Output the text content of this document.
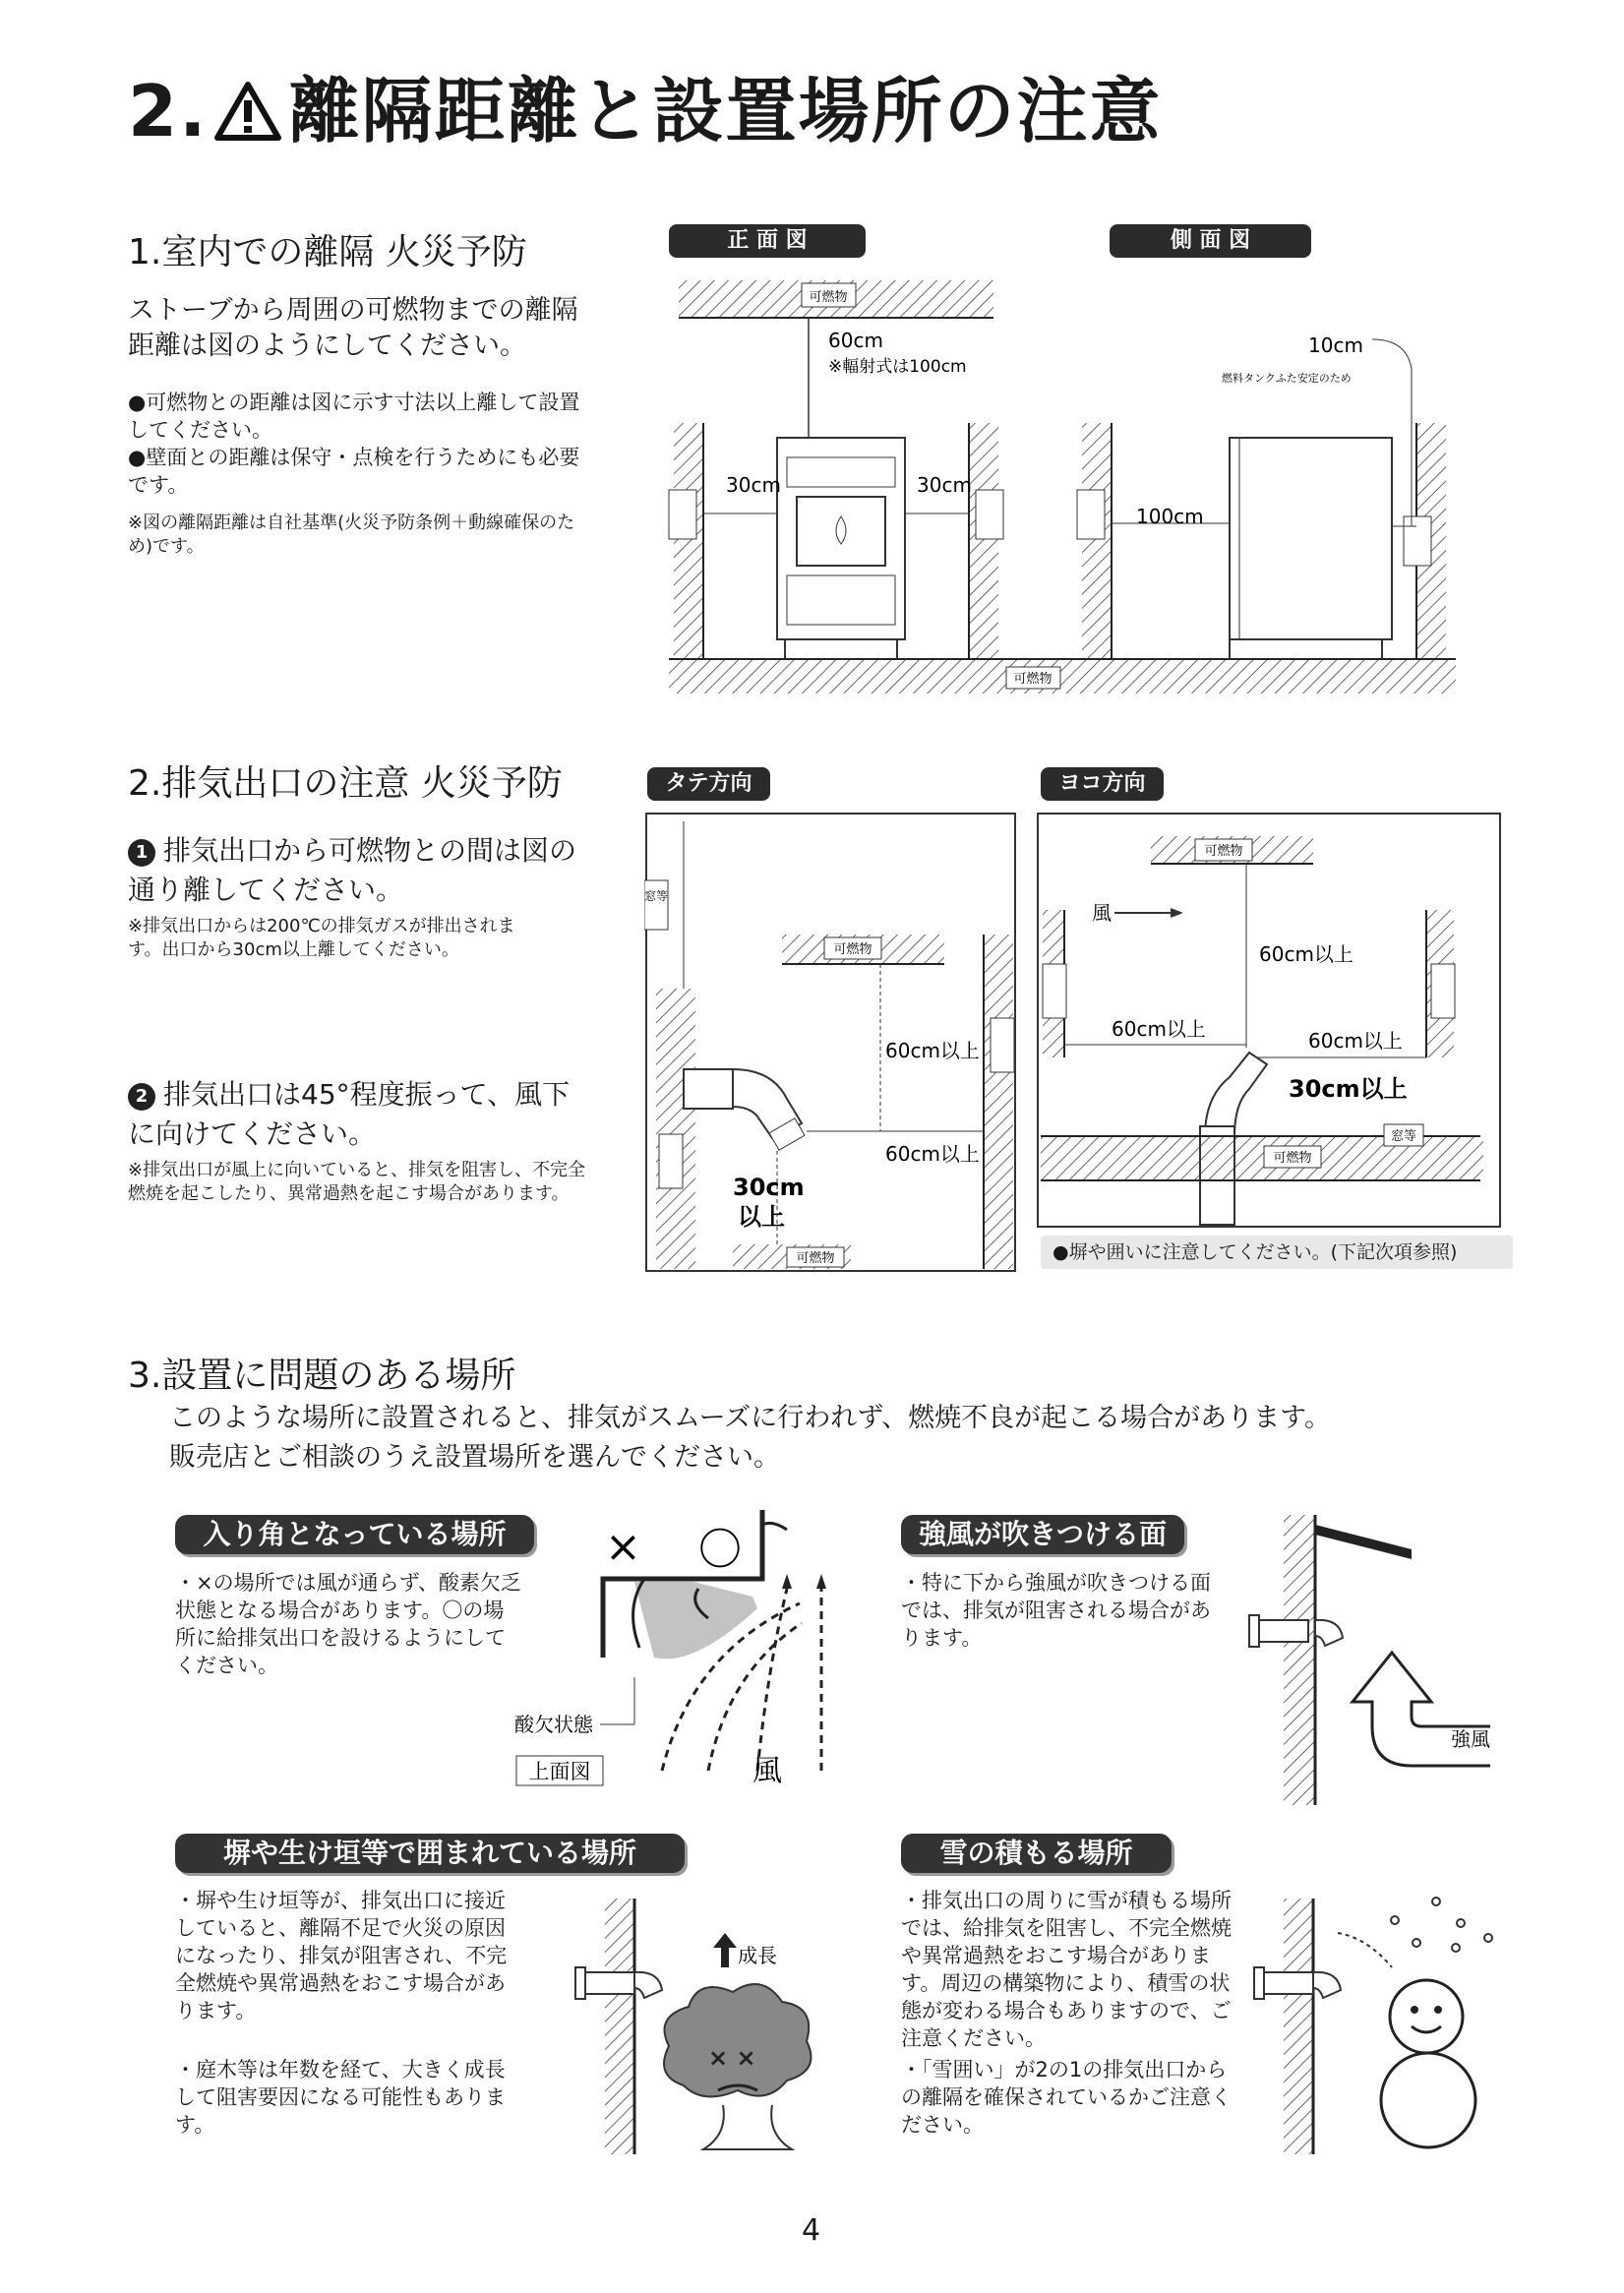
2. 離隔距離と設置場所の注意
1.室内での離隔 火災予防
ストーブから周囲の可燃物までの離隔距離は図のようにしてください。
●可燃物との距離は図に示す寸法以上離して設置してください。
●壁面との距離は保守・点検を行うためにも必要です。
※図の離隔距離は自社基準(火災予防条例＋動線確保のため)です。
正 面 図	側 面 図
可燃物
60cm
※輻射式は100cm
30cm	30cm
可燃物
100cm
10cm
燃料タンクふた安定のため
2.排気出口の注意 火災予防
1 排気出口から可燃物との間は図の通り離してください。
※排気出口からは200℃の排気ガスが排出されます。出口から30cm以上離してください。
2 排気出口は45°程度振って、風下に向けてください。
※排気出口が風上に向いていると、排気を阻害し、不完全燃焼を起こしたり、異常過熱を起こす場合があります。
タテ方向	ヨコ方向
窓等
可燃物
可燃物
60cm以上
60cm以上
30cm
以上
可燃物
風
60cm以上
60cm以上	60cm以上
30cm以上
可燃物
窓等
●塀や囲いに注意してください。(下記次項参照)
3.設置に問題のある場所
このような場所に設置されると、排気がスムーズに行われず、燃焼不良が起こる場合があります。
販売店とご相談のうえ設置場所を選んでください。
入り角となっている場所
・×の場所では風が通らず、酸素欠乏状態となる場合があります。〇の場所に給排気出口を設けるようにしてください。
× 〇
風
酸欠状態
上面図
強風が吹きつける面
・特に下から強風が吹きつける面では、排気が阻害される場合があります。
強風
塀や生け垣等で囲まれている場所
・塀や生け垣等が、排気出口に接近していると、離隔不足で火災の原因になったり、排気が阻害され、不完全燃焼や異常過熱をおこす場合があります。
・庭木等は年数を経て、大きく成長して阻害要因になる可能性もあります。
成長
× ×
雪の積もる場所
・排気出口の周りに雪が積もる場所では、給排気を阻害し、不完全燃焼や異常過熱をおこす場合があります。周辺の構築物により、積雪の状態が変わる場合もありますので、ご注意ください。
・「雪囲い」が2の1の排気出口からの離隔を確保されているかご注意ください。
4
